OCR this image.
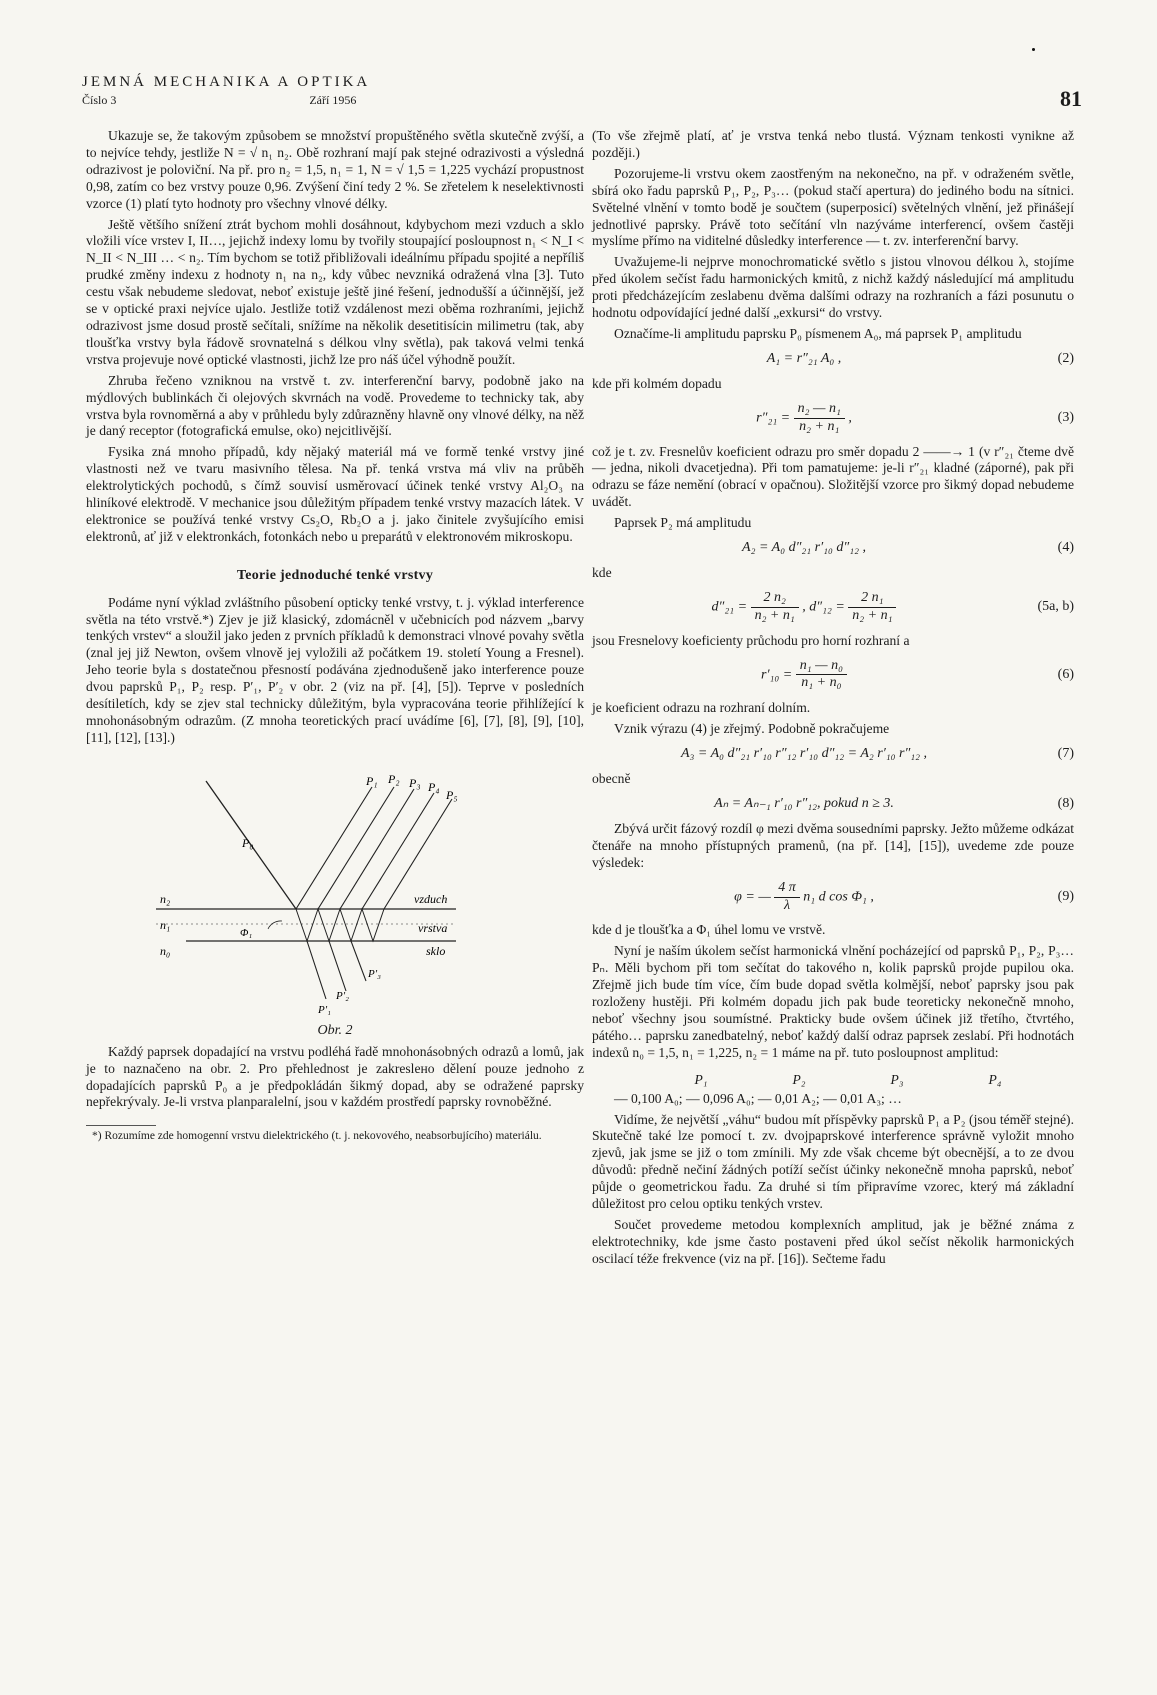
JEMNÁ MECHANIKA A OPTIKA
Číslo 3	Září 1956	81

Ukazuje se, že takovým způsobem se množství propuštěného světla skutečně zvýší, a to nejvíce tehdy, jestliže N = √ n₁ n₂. Obě rozhraní mají pak stejné odrazivosti a výsledná odrazivost je poloviční. Na př. pro n₂ = 1,5, n₁ = 1, N = √ 1,5 = 1,225 vychází propustnost 0,98, zatím co bez vrstvy pouze 0,96. Zvýšení činí tedy 2 %. Se zřetelem k neselektivnosti vzorce (1) platí tyto hodnoty pro všechny vlnové délky.

Ještě většího snížení ztrát bychom mohli dosáhnout, kdybychom mezi vzduch a sklo vložili více vrstev I, II…, jejichž indexy lomu by tvořily stoupající posloupnost n₁ < N_I < N_II < N_III … < n₂. Tím bychom se totiž přibližovali ideálnímu případu spojité a nepříliš prudké změny indexu z hodnoty n₁ na n₂, kdy vůbec nevzniká odražená vlna [3]. Tuto cestu však nebudeme sledovat, neboť existuje ještě jiné řešení, jednodušší a účinnější, jež se v optické praxi nejvíce ujalo. Jestliže totiž vzdálenost mezi oběma rozhraními, jejichž odrazivost jsme dosud prostě sečítali, snížíme na několik desetitisícin milimetru (tak, aby tloušťka vrstvy byla řádově srovnatelná s délkou vlny světla), pak taková velmi tenká vrstva projevuje nové optické vlastnosti, jichž lze pro náš účel výhodně použít.

Zhruba řečeno vzniknou na vrstvě t. zv. interferenční barvy, podobně jako na mýdlových bublinkách či olejových skvrnách na vodě. Provedeme to technicky tak, aby vrstva byla rovnoměrná a aby v průhledu byly zdůrazněny hlavně ony vlnové délky, na něž je daný receptor (fotografická emulse, oko) nejcitlivější.

Fysika zná mnoho případů, kdy nějaký materiál má ve formě tenké vrstvy jiné vlastnosti než ve tvaru masivního tělesa. Na př. tenká vrstva má vliv na průběh elektrolytických pochodů, s čímž souvisí usměrovací účinek tenké vrstvy Al₂O₃ na hliníkové elektrodě. V mechanice jsou důležitým případem tenké vrstvy mazacích látek. V elektronice se používá tenké vrstvy Cs₂O, Rb₂O a j. jako činitele zvyšujícího emisi elektronů, ať již v elektronkách, fotonkách nebo u preparátů v elektronovém mikroskopu.

Teorie jednoduché tenké vrstvy

Podáme nyní výklad zvláštního působení opticky tenké vrstvy, t. j. výklad interference světla na této vrstvě.*) Zjev je již klasický, zdomácněl v učebnicích pod názvem „barvy tenkých vrstev“ a sloužil jako jeden z prvních příkladů k demonstraci vlnové povahy světla (znal jej již Newton, ovšem vlnově jej vyložili až počátkem 19. století Young a Fresnel). Jeho teorie byla s dostatečnou přesností podávána zjednodušeně jako interference pouze dvou paprsků P₁, P₂ resp. P′₁, P′₂ v obr. 2 (viz na př. [4], [5]). Teprve v posledních desítiletích, kdy se zjev stal technicky důležitým, byla vypracována teorie přihlížející k mnohonásobným odrazům. (Z mnoha teoretických prací uvádíme [6], [7], [8], [9], [10], [11], [12], [13].)

P₁ P₂ P₃ P₄
P₅
P₀
n₂
n₁
n₀
Φ₁
vzduch
vrstva
sklo
P′₁
P′₂
P′₃

Obr. 2

Každý paprsek dopadající na vrstvu podléhá řadě mnohonásobných odrazů a lomů, jak je to naznačeno na obr. 2. Pro přehlednost je zakreslено dělení pouze jednoho z dopadajících paprsků P₀ a je předpokládán šikmý dopad, aby se odražené paprsky nepřekrývaly. Je-li vrstva planparalelní, jsou v každém prostředí paprsky rovnoběžné.

*) Rozumíme zde homogenní vrstvu dielektrického (t. j. nekovového, neabsorbujícího) materiálu.

(To vše zřejmě platí, ať je vrstva tenká nebo tlustá. Význam tenkosti vynikne až později.)

Pozorujeme-li vrstvu okem zaostřeným na nekonečno, na př. v odraženém světle, sbírá oko řadu paprsků P₁, P₂, P₃… (pokud stačí apertura) do jediného bodu na sítnici. Světelné vlnění v tomto bodě je součtem (superposicí) světelných vlnění, jež přinášejí jednotlivé paprsky. Právě toto sečítání vln nazýváme interferencí, ovšem častěji myslíme přímo na viditelné důsledky interference — t. zv. interferenční barvy.

Uvažujeme-li nejprve monochromatické světlo s jistou vlnovou délkou λ, stojíme před úkolem sečíst řadu harmonických kmitů, z nichž každý následující má amplitudu proti předcházejícím zeslabenu dvěma dalšími odrazy na rozhraních a fázi posunutu o hodnotu odpovídající jedné další „exkursi“ do vrstvy.

Označíme-li amplitudu paprsku P₀ písmenem A₀, má paprsek P₁ amplitudu

A₁ = r″₂₁ A₀ ,	(2)

kde při kolmém dopadu

$r''_{21} = \frac{\text{n₂ — n₁}}{\text{n₂ + n₁}}$ ,	(3)

což je t. zv. Fresnelův koeficient odrazu pro směr dopadu 2 ——→ 1 (v r″₂₁ čteme dvě — jedna, nikoli dvacetjedna). Při tom pamatujeme: je-li r″₂₁ kladné (záporné), pak při odrazu se fáze nemění (obrací v opačnou). Složitější vzorce pro šikmý dopad nebudeme uvádět.

Paprsek P₂ má amplitudu

A₂ = A₀ d″₂₁ r′₁₀ d″₁₂ ,	(4)

kde

$d''_{21} = \frac{\text{2 n₂}}{\text{n₂ + n₁}}$ , $d''_{12} = \frac{\text{2 n₁}}{\text{n₂ + n₁}}$	(5a, b)

jsou Fresnelovy koeficienty průchodu pro horní rozhraní a

$r'_{10} = \frac{\text{n₁ — n₀}}{\text{n₁ + n₀}}$	(6)

je koeficient odrazu na rozhraní dolním.

Vznik výrazu (4) je zřejmý. Podobně pokračujeme

A₃ = A₀ d″₂₁ r′₁₀ r″₁₂ r′₁₀ d″₁₂ = A₂ r′₁₀ r″₁₂ ,	(7)

obecně

Aₙ = Aₙ₋₁ r′₁₀ r″₁₂, pokud n ≥ 3.	(8)

Zbývá určit fázový rozdíl φ mezi dvěma sousedními paprsky. Ježto můžeme odkázat čtenáře na mnoho přístupných pramenů, (na př. [14], [15]), uvedeme zde pouze výsledek:

φ = — $\frac{4 \pi}{\lambda} n_1$ d cos Φ₁ ,	(9)

kde d je tloušťka a Φ₁ úhel lomu ve vrstvě.

Nyní je naším úkolem sečíst harmonická vlnění pocházející od paprsků P₁, P₂, P₃… Pₙ. Měli bychom při tom sečítat do takového n, kolik paprsků projde pupilou oka. Zřejmě jich bude tím více, čím bude dopad světla kolmější, neboť paprsky jsou pak rozloženy hustěji. Při kolmém dopadu jich pak bude teoreticky nekonečně mnoho, neboť všechny jsou soumístné. Prakticky bude ovšem účinek již třetího, čtvrtého, pátého… paprsku zanedbatelný, neboť každý další odraz paprsek zeslabí. Při hodnotách indexů n₀ = 1,5, n₁ = 1,225, n₂ = 1 máme na př. tuto posloupnost amplitud:

P₁	P₂	P₃	P₄

— 0,100 A₀; — 0,096 A₀; — 0,01 A₂; — 0,01 A₃; …

Vidíme, že největší „váhu“ budou mít příspěvky paprsků P₁ a P₂ (jsou téměř stejné). Skutečně také lze pomocí t. zv. dvojpaprskové interference správně vyložit mnoho zjevů, jak jsme se již o tom zmínili. My zde však chceme být obecnější, a to ze dvou důvodů: předně nečiní žádných potíží sečíst účinky nekonečně mnoha paprsků, neboť půjde o geometrickou řadu. Za druhé si tím připravíme vzorec, který má základní důležitost pro celou optiku tenkých vrstev.

Součet provedeme metodou komplexních amplitud, jak je běžné známa z elektrotechniky, kde jsme často postaveni před úkol sečíst několik harmonických oscilací téže frekvence (viz na př. [16]). Sečteme řadu
